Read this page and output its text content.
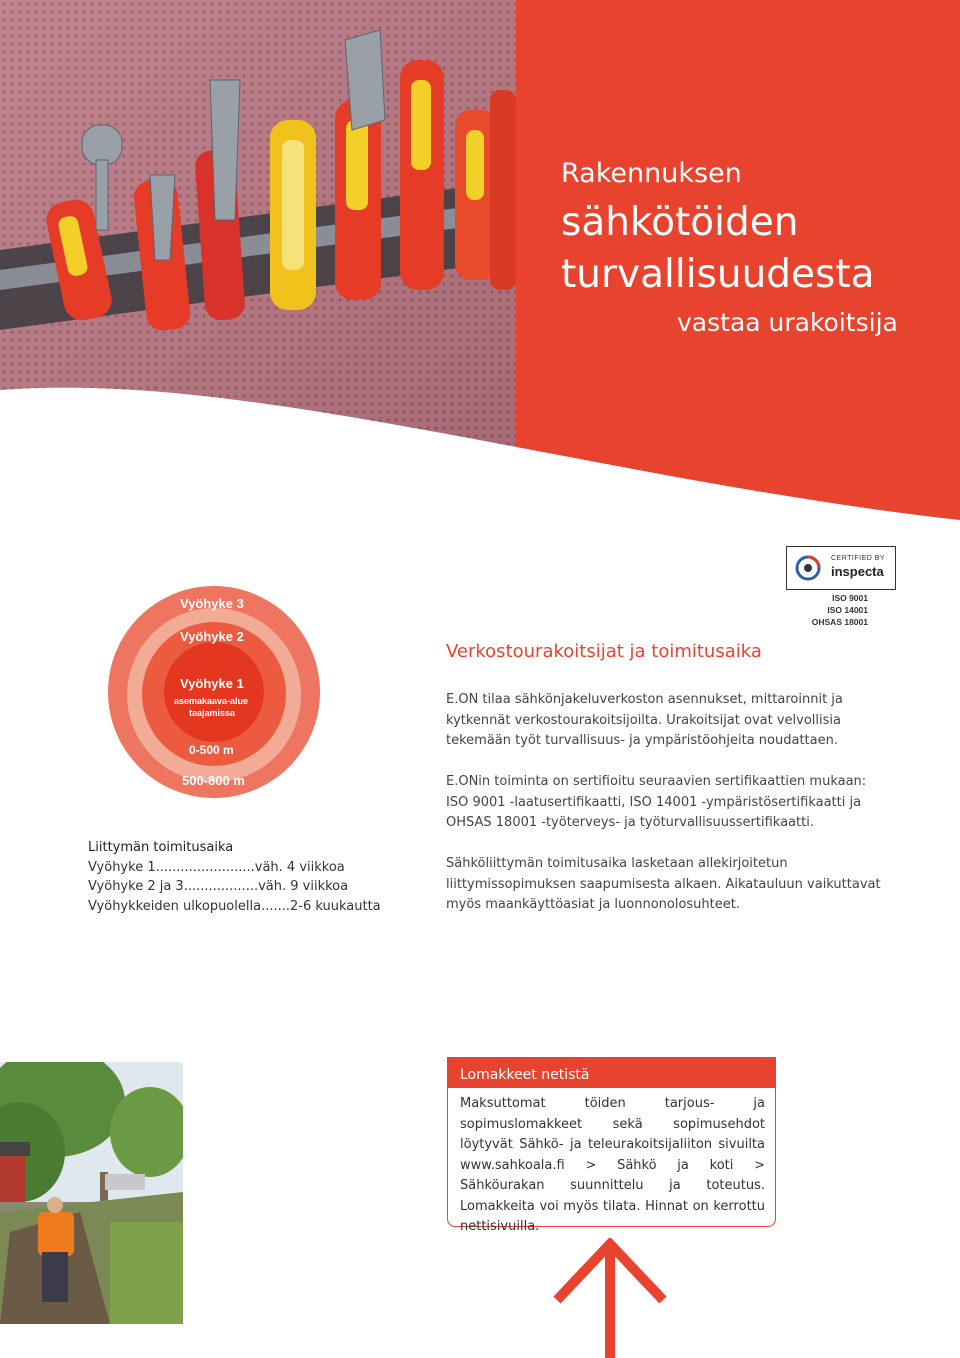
Rakennuksen
sähkötöiden
turvallisuudesta
vastaa urakoitsija
CERTIFIED BY
inspecta
ISO 9001
ISO 14001
OHSAS 18001
Vyöhyke 3
Vyöhyke 2
Vyöhyke 1
asemakaava-alue
taajamissa
0-500 m
500-800 m
Liittymän toimitusaika
Vyöhyke 1........................väh. 4 viikkoa
Vyöhyke 2 ja 3..................väh. 9 viikkoa
Vyöhykkeiden ulkopuolella.......2-6 kuukautta
Verkostourakoitsijat ja toimitusaika
E.ON tilaa sähkönjakeluverkoston asennukset, mittaroinnit ja kytkennät verkostourakoitsijoilta. Urakoitsijat ovat velvollisia tekemään työt turvallisuus- ja ympäristöohjeita noudattaen.
E.ONin toiminta on sertifioitu seuraavien sertifikaattien mukaan: ISO 9001 -laatusertifikaatti, ISO 14001 -ympäristösertifikaatti ja OHSAS 18001 -työterveys- ja työturvallisuussertifikaatti.
Sähköliittymän toimitusaika lasketaan allekirjoitetun liittymissopimuksen saapumisesta alkaen. Aikatauluun vaikuttavat myös maankäyttöasiat ja luonnonolosuhteet.
Lomakkeet netistä
Maksuttomat töiden tarjous- ja sopimuslomakkeet sekä sopimusehdot löytyvät Sähkö- ja teleurakoitsijaliiton sivuilta www.sahkoala.fi > Sähkö ja koti > Sähköurakan suunnittelu ja toteutus. Lomakkeita voi myös tilata. Hinnat on kerrottu nettisivuilla.
